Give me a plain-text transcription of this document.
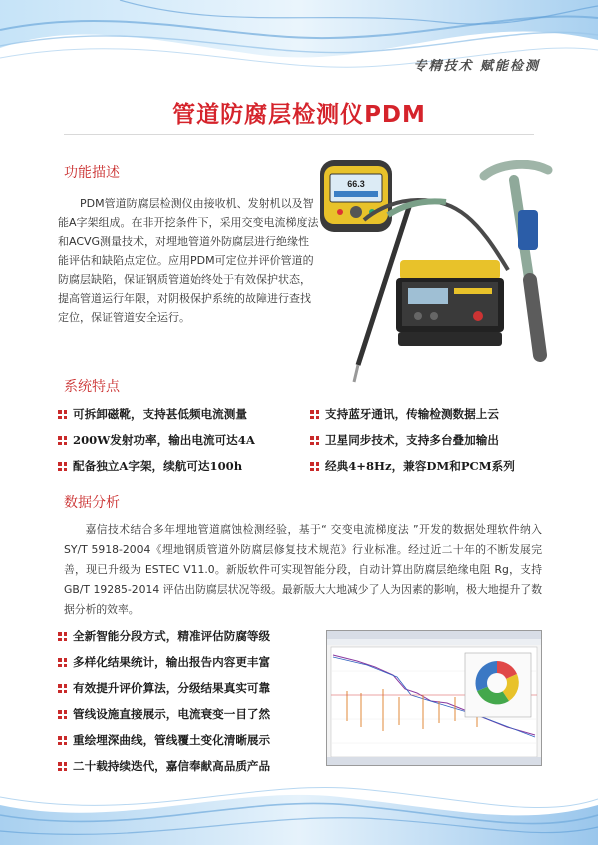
专精技术 赋能检测
管道防腐层检测仪PDM
功能描述

PDM管道防腐层检测仪由接收机、发射机以及智能A字架组成。在非开挖条件下，采用交变电流梯度法和ACVG测量技术，对埋地管道外防腐层进行绝缘性能评估和缺陷点定位。应用PDM可定位并评价管道的防腐层缺陷，保证钢质管道始终处于有效保护状态，提高管道运行年限，对阴极保护系统的故障进行查找定位，保证管道安全运行。

66.3
系统特点
可拆卸磁靴，支持甚低频电流测量	支持蓝牙通讯，传输检测数据上云
200W发射功率，输出电流可达4A	卫星同步技术，支持多台叠加输出
配备独立A字架，续航可达100h	经典4+8Hz，兼容DM和PCM系列
数据分析

嘉信技术结合多年埋地管道腐蚀检测经验，基于“ 交变电流梯度法 ”开发的数据处理软件纳入 SY/T 5918-2004《埋地钢质管道外防腐层修复技术规范》行业标准。经过近二十年的不断发展完善，现已升级为 ESTEC V11.0。新版软件可实现智能分段，自动计算出防腐层绝缘电阻 Rg，支持 GB/T 19285-2014 评估出防腐层状况等级。最新版大大地减少了人为因素的影响，极大地提升了数据分析的效率。

全新智能分段方式，精准评估防腐等级
多样化结果统计，输出报告内容更丰富
有效提升评价算法，分级结果真实可靠
管线设施直接展示，电流衰变一目了然
重绘埋深曲线，管线覆土变化清晰展示
二十载持续迭代，嘉信奉献高品质产品
